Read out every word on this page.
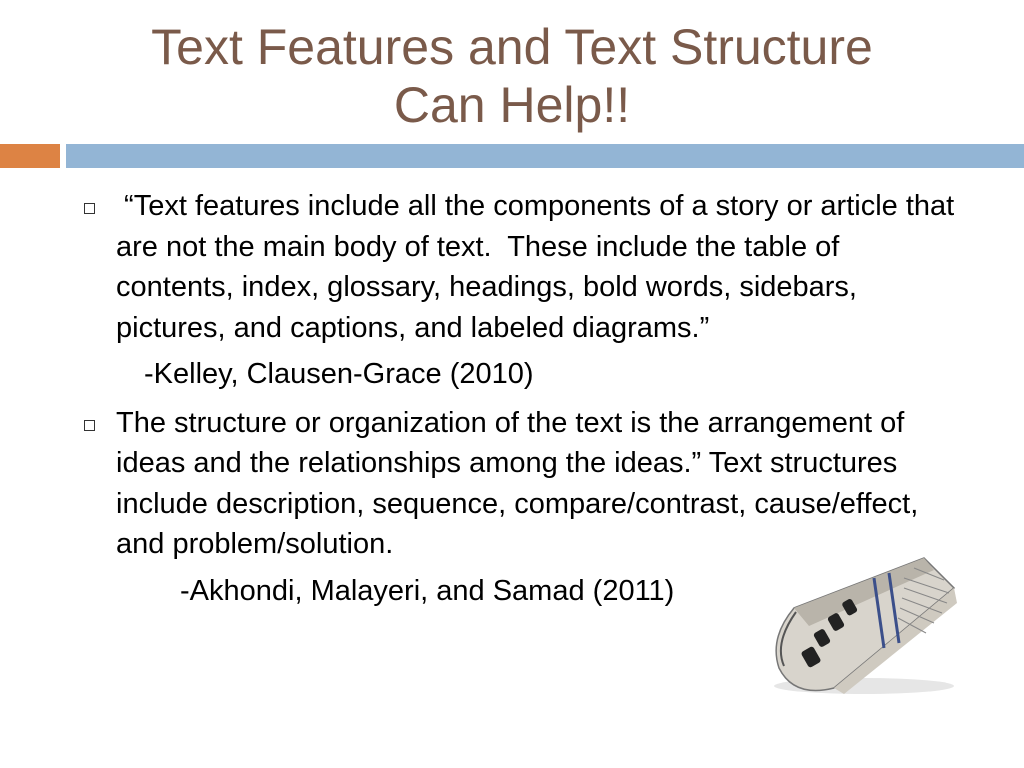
Text Features and Text Structure
Can Help!!

“Text features include all the components of a story or article that are not the main body of text.  These include the table of contents, index, glossary, headings, bold words, sidebars, pictures, and captions, and labeled diagrams.”

-Kelley, Clausen-Grace (2010)

The structure or organization of the text is the arrangement of ideas and the relationships among the ideas.” Text structures include description, sequence, compare/contrast, cause/effect, and problem/solution.

-Akhondi, Malayeri, and Samad (2011)
